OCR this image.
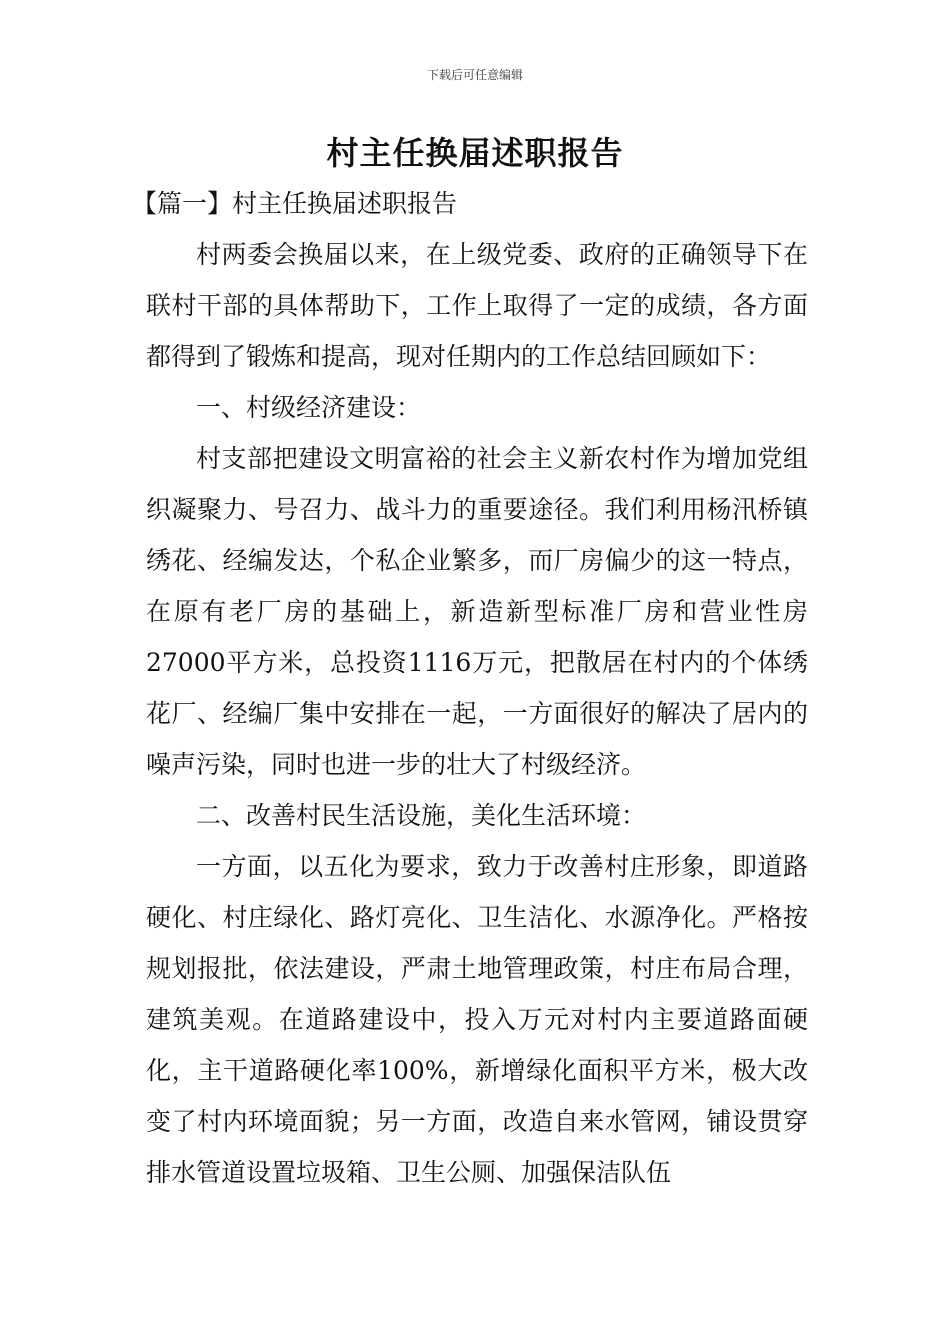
下载后可任意编辑
村主任换届述职报告

【篇一】村主任换届述职报告

村两委会换届以来，在上级党委、政府的正确领导下在联村干部的具体帮助下，工作上取得了一定的成绩，各方面都得到了锻炼和提高，现对任期内的工作总结回顾如下：

一、村级经济建设：

村支部把建设文明富裕的社会主义新农村作为增加党组织凝聚力、号召力、战斗力的重要途径。我们利用杨汛桥镇绣花、经编发达，个私企业繁多，而厂房偏少的这一特点，在原有老厂房的基础上，新造新型标准厂房和营业性房27000平方米，总投资1116万元，把散居在村内的个体绣花厂、经编厂集中安排在一起，一方面很好的解决了居内的噪声污染，同时也进一步的壮大了村级经济。

二、改善村民生活设施，美化生活环境：

一方面，以五化为要求，致力于改善村庄形象，即道路硬化、村庄绿化、路灯亮化、卫生洁化、水源净化。严格按规划报批，依法建设，严肃土地管理政策，村庄布局合理，建筑美观。在道路建设中，投入万元对村内主要道路面硬化，主干道路硬化率100%，新增绿化面积平方米，极大改变了村内环境面貌；另一方面，改造自来水管网，铺设贯穿排水管道设置垃圾箱、卫生公厕、加强保洁队伍
